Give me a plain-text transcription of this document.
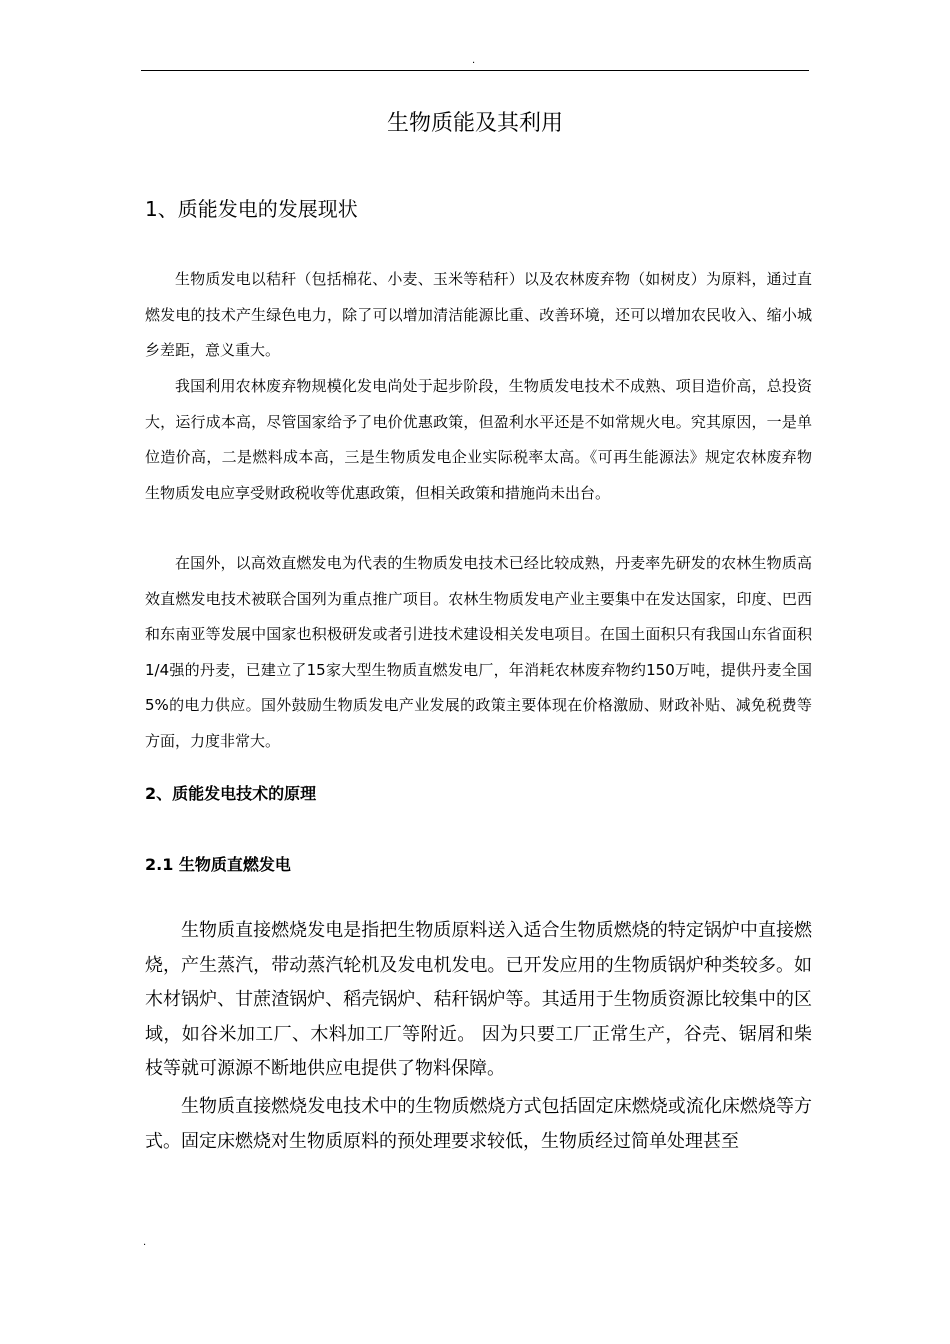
.
生物质能及其利用
1、质能发电的发展现状

生物质发电以秸秆（包括棉花、小麦、玉米等秸秆）以及农林废弃物（如树皮）为原料，通过直燃发电的技术产生绿色电力，除了可以增加清洁能源比重、改善环境，还可以增加农民收入、缩小城乡差距，意义重大。

我国利用农林废弃物规模化发电尚处于起步阶段，生物质发电技术不成熟、项目造价高，总投资大，运行成本高，尽管国家给予了电价优惠政策，但盈利水平还是不如常规火电。究其原因，一是单位造价高，二是燃料成本高，三是生物质发电企业实际税率太高。《可再生能源法》规定农林废弃物生物质发电应享受财政税收等优惠政策，但相关政策和措施尚未出台。

在国外，以高效直燃发电为代表的生物质发电技术已经比较成熟，丹麦率先研发的农林生物质高效直燃发电技术被联合国列为重点推广项目。农林生物质发电产业主要集中在发达国家，印度、巴西和东南亚等发展中国家也积极研发或者引进技术建设相关发电项目。在国土面积只有我国山东省面积1/4强的丹麦，已建立了15家大型生物质直燃发电厂，年消耗农林废弃物约150万吨，提供丹麦全国5%的电力供应。国外鼓励生物质发电产业发展的政策主要体现在价格激励、财政补贴、减免税费等方面，力度非常大。

2、质能发电技术的原理
2.1 生物质直燃发电

生物质直接燃烧发电是指把生物质原料送入适合生物质燃烧的特定锅炉中直接燃烧，产生蒸汽，带动蒸汽轮机及发电机发电。已开发应用的生物质锅炉种类较多。如木材锅炉、甘蔗渣锅炉、稻壳锅炉、秸秆锅炉等。其适用于生物质资源比较集中的区域，如谷米加工厂、木料加工厂等附近。 因为只要工厂正常生产，谷壳、锯屑和柴枝等就可源源不断地供应电提供了物料保障。

生物质直接燃烧发电技术中的生物质燃烧方式包括固定床燃烧或流化床燃烧等方式。固定床燃烧对生物质原料的预处理要求较低，生物质经过简单处理甚至

.
